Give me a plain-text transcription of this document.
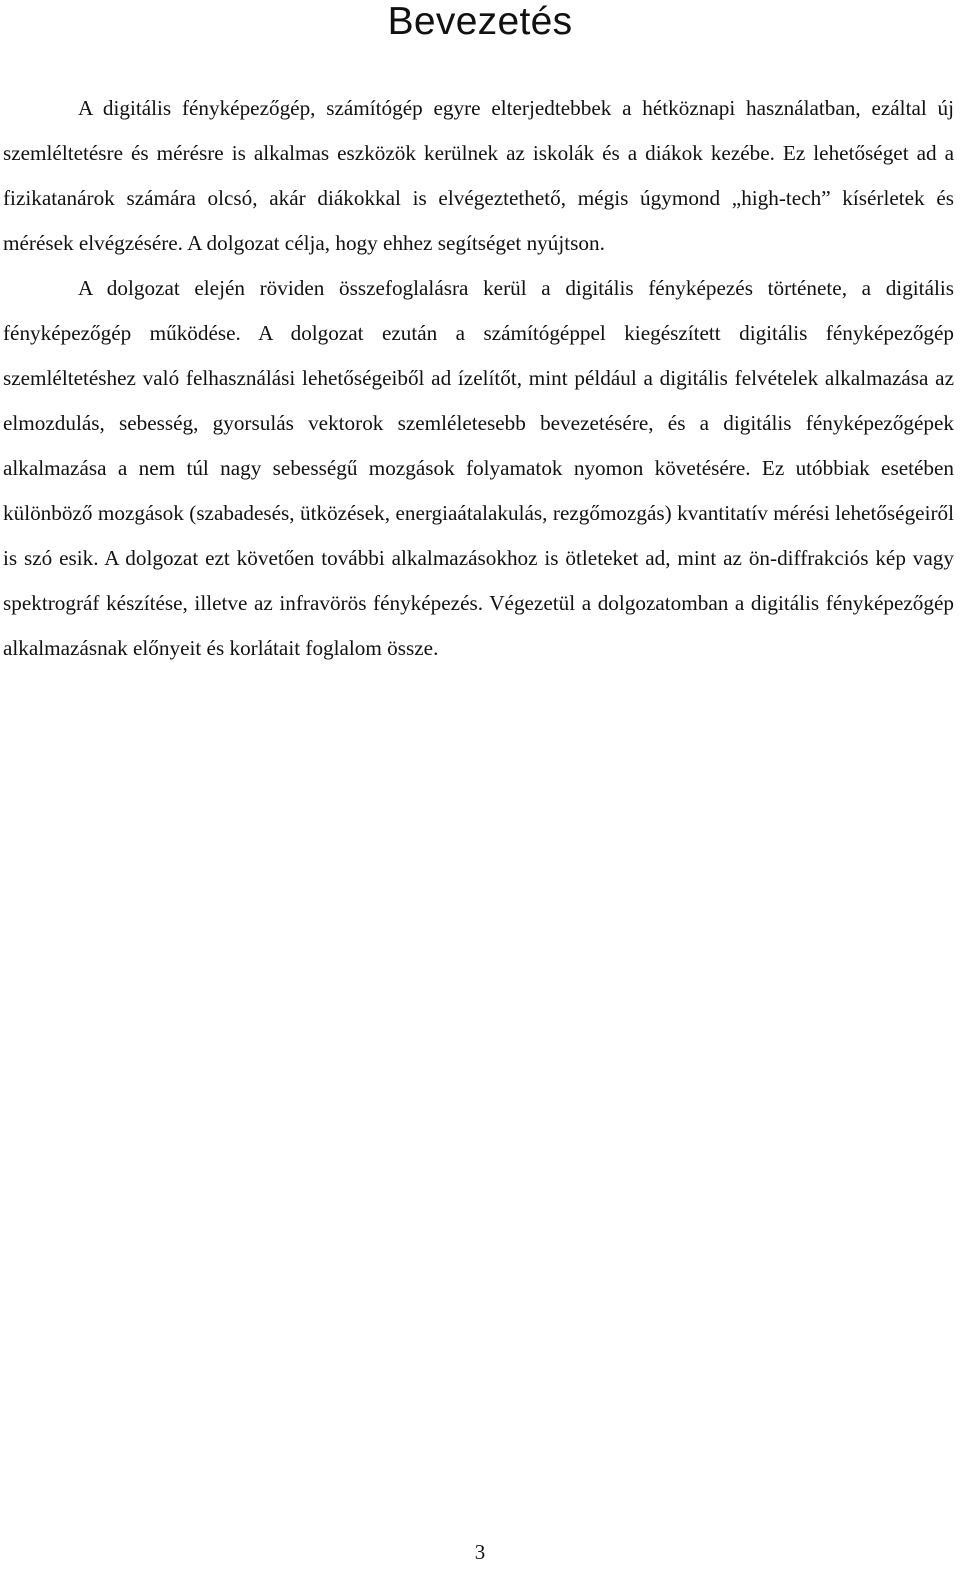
Bevezetés

A digitális fényképezőgép, számítógép egyre elterjedtebbek a hétköznapi használatban, ezáltal új szemléltetésre és mérésre is alkalmas eszközök kerülnek az iskolák és a diákok kezébe. Ez lehetőséget ad a fizikatanárok számára olcsó, akár diákokkal is elvégeztethető, mégis úgymond „high-tech” kísérletek és mérések elvégzésére. A dolgozat célja, hogy ehhez segítséget nyújtson.

A dolgozat elején röviden összefoglalásra kerül a digitális fényképezés története, a digitális fényképezőgép működése. A dolgozat ezután a számítógéppel kiegészített digitális fényképezőgép szemléltetéshez való felhasználási lehetőségeiből ad ízelítőt, mint például a digitális felvételek alkalmazása az elmozdulás, sebesség, gyorsulás vektorok szemléletesebb bevezetésére, és a digitális fényképezőgépek alkalmazása a nem túl nagy sebességű mozgások folyamatok nyomon követésére. Ez utóbbiak esetében különböző mozgások (szabadesés, ütközések, energiaátalakulás, rezgőmozgás) kvantitatív mérési lehetőségeiről is szó esik. A dolgozat ezt követően további alkalmazásokhoz is ötleteket ad, mint az ön-diffrakciós kép vagy spektrográf készítése, illetve az infravörös fényképezés. Végezetül a dolgozatomban a digitális fényképezőgép alkalmazásnak előnyeit és korlátait foglalom össze.

3
